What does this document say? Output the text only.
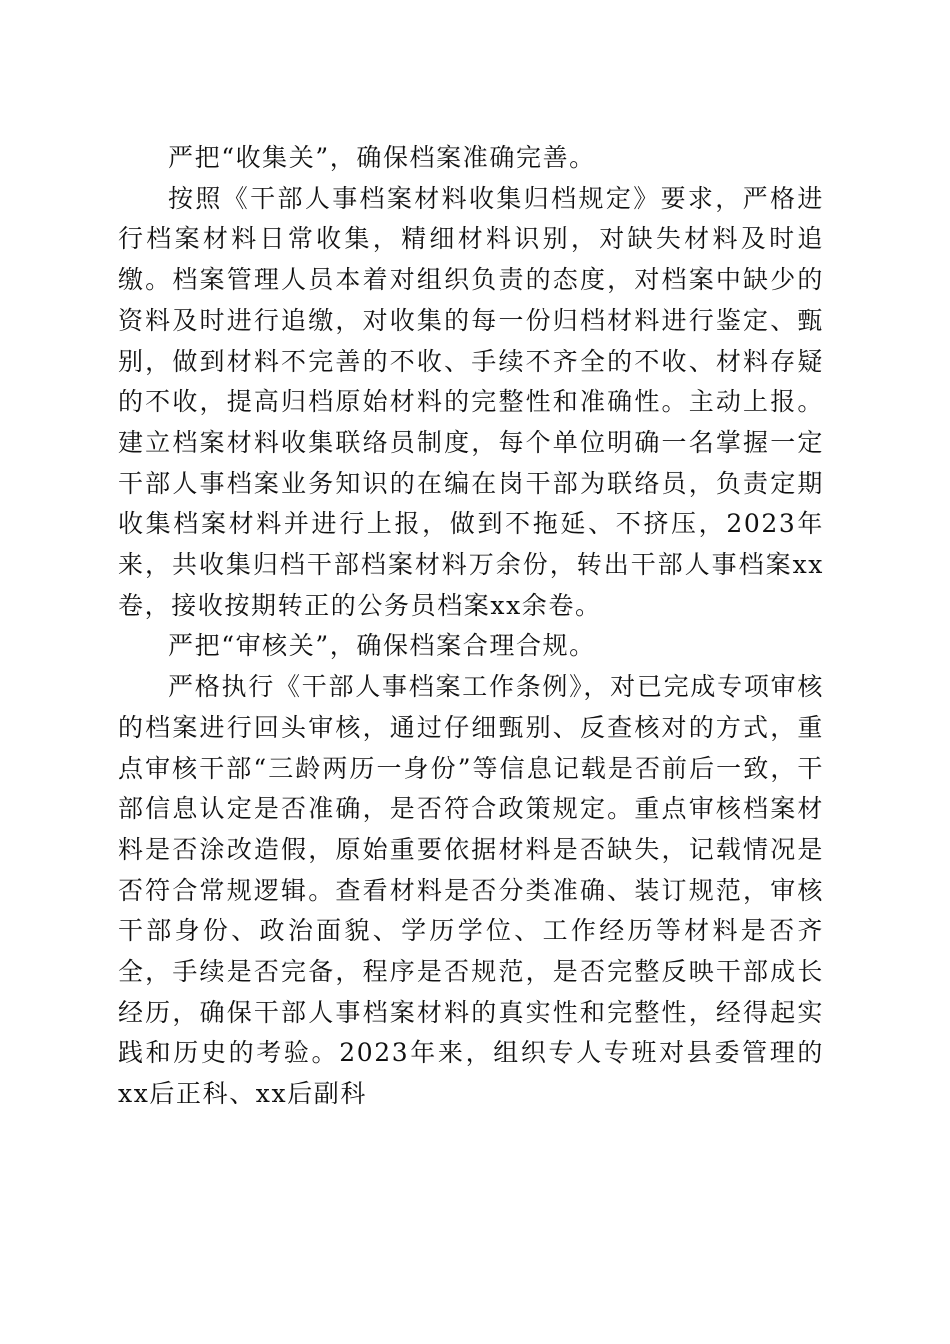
严把“收集关”，确保档案准确完善。

按照《干部人事档案材料收集归档规定》要求，严格进行档案材料日常收集，精细材料识别，对缺失材料及时追缴。档案管理人员本着对组织负责的态度，对档案中缺少的资料及时进行追缴，对收集的每一份归档材料进行鉴定、甄别，做到材料不完善的不收、手续不齐全的不收、材料存疑的不收，提高归档原始材料的完整性和准确性。主动上报。建立档案材料收集联络员制度，每个单位明确一名掌握一定干部人事档案业务知识的在编在岗干部为联络员，负责定期收集档案材料并进行上报，做到不拖延、不挤压，2023年来，共收集归档干部档案材料万余份，转出干部人事档案xx卷，接收按期转正的公务员档案xx余卷。

严把“审核关”，确保档案合理合规。

严格执行《干部人事档案工作条例》，对已完成专项审核的档案进行回头审核，通过仔细甄别、反查核对的方式，重点审核干部“三龄两历一身份”等信息记载是否前后一致，干部信息认定是否准确，是否符合政策规定。重点审核档案材料是否涂改造假，原始重要依据材料是否缺失，记载情况是否符合常规逻辑。查看材料是否分类准确、装订规范，审核干部身份、政治面貌、学历学位、工作经历等材料是否齐全，手续是否完备，程序是否规范，是否完整反映干部成长经历，确保干部人事档案材料的真实性和完整性，经得起实践和历史的考验。2023年来，组织专人专班对县委管理的xx后正科、xx后副科
